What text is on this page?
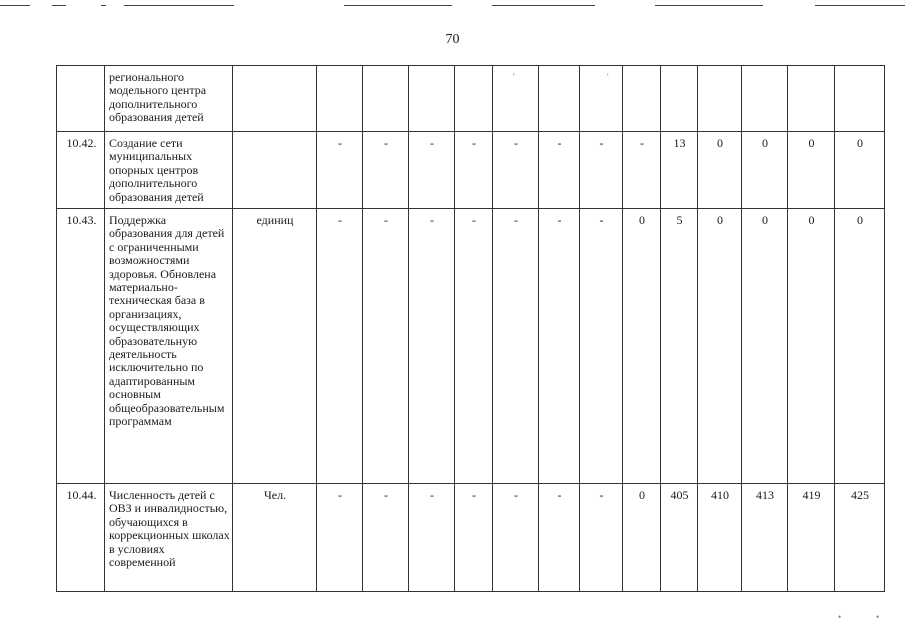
70
	регионального модельного центра дополнительного образования детей														
10.42.	Создание сети муниципальных опорных центров дополнительного образования детей		-	-	-	-	-	-	-	-	13	0	0	0	0
10.43.	Поддержка образования для детей с ограниченными возможностями здоровья. Обновлена материально-техническая база в организациях, осуществляющих образовательную деятельность исключительно по адаптированным основным общеобразовательным программам	единиц	-	-	-	-	-	-	-	0	5	0	0	0	0
10.44.	Численность детей с ОВЗ и инвалидностью, обучающихся в коррекционных школах в условиях современной	Чел.	-	-	-	-	-	-	-	0	405	410	413	419	425
'	'
•	•
